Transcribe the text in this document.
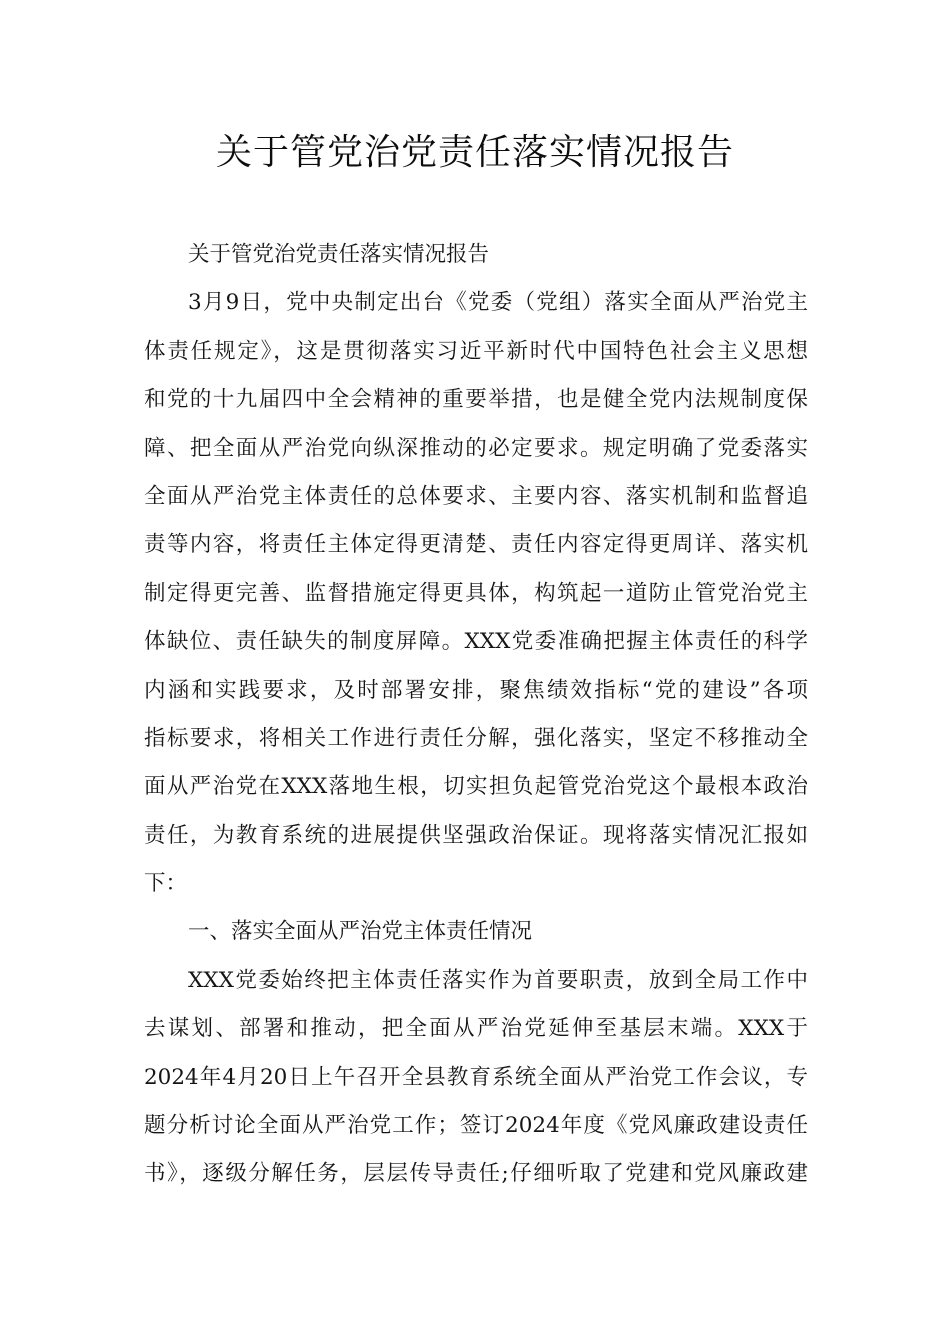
关于管党治党责任落实情况报告
关于管党治党责任落实情况报告
3月9日，党中央制定出台《党委（党组）落实全面从严治党主
体责任规定》，这是贯彻落实习近平新时代中国特色社会主义思想
和党的十九届四中全会精神的重要举措，也是健全党内法规制度保
障、把全面从严治党向纵深推动的必定要求。规定明确了党委落实
全面从严治党主体责任的总体要求、主要内容、落实机制和监督追
责等内容，将责任主体定得更清楚、责任内容定得更周详、落实机
制定得更完善、监督措施定得更具体，构筑起一道防止管党治党主
体缺位、责任缺失的制度屏障。XXX党委准确把握主体责任的科学
内涵和实践要求，及时部署安排，聚焦绩效指标“党的建设”各项
指标要求，将相关工作进行责任分解，强化落实，坚定不移推动全
面从严治党在XXX落地生根，切实担负起管党治党这个最根本政治
责任，为教育系统的进展提供坚强政治保证。现将落实情况汇报如
下：
一、落实全面从严治党主体责任情况
XXX党委始终把主体责任落实作为首要职责，放到全局工作中
去谋划、部署和推动，把全面从严治党延伸至基层末端。XXX于
2024年4月20日上午召开全县教育系统全面从严治党工作会议，专
题分析讨论全面从严治党工作；签订2024年度《党风廉政建设责任
书》，逐级分解任务，层层传导责任;仔细听取了党建和党风廉政建
